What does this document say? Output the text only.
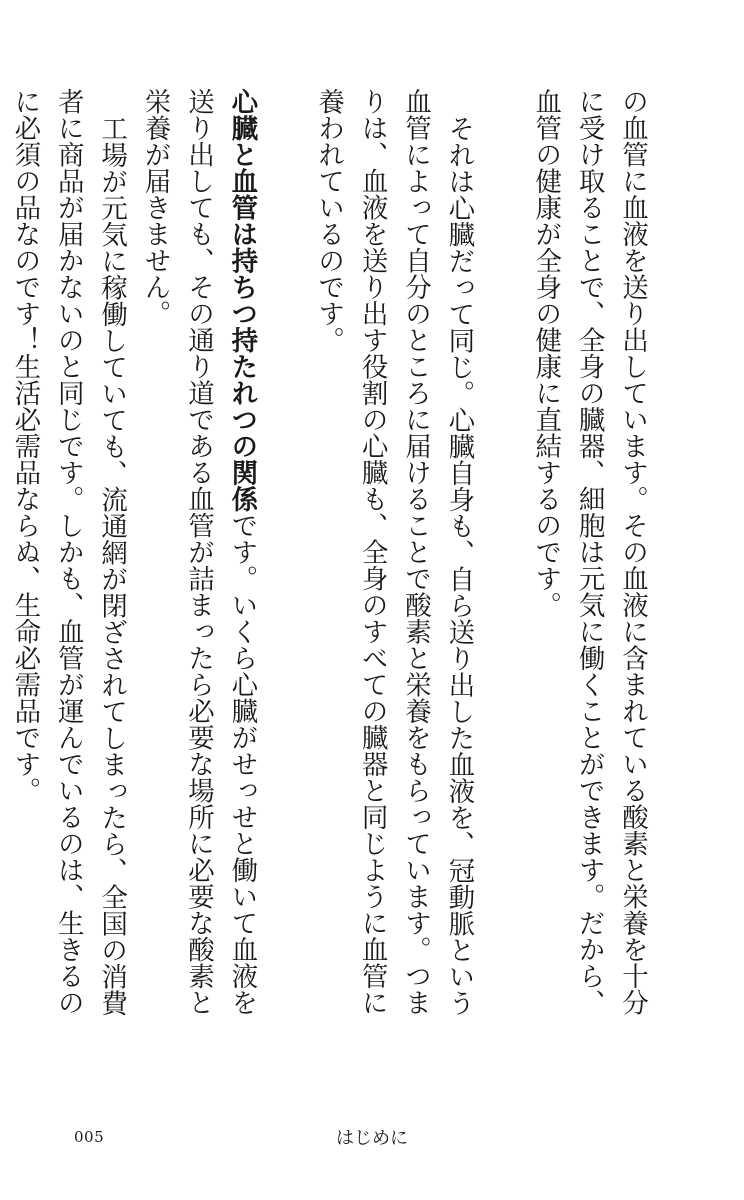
の血管に血液を送り出しています。その血液に含まれている酸素と栄養を十分に受け取ることで、全身の臓器、細胞は元気に働くことができます。だから、血管の健康が全身の健康に直結するのです。

それは心臓だって同じ。心臓自身も、自ら送り出した血液を、冠動脈という血管によって自分のところに届けることで酸素と栄養をもらっています。つまりは、血液を送り出す役割の心臓も、全身のすべての臓器と同じように血管に養われているのです。

心臓と血管は持ちつ持たれつの関係です。いくら心臓がせっせと働いて血液を送り出しても、その通り道である血管が詰まったら必要な場所に必要な酸素と栄養が届きません。

工場が元気に稼働していても、流通網が閉ざされてしまったら、全国の消費者に商品が届かないのと同じです。しかも、血管が運んでいるのは、生きるのに必須の品なのです！生活必需品ならぬ、生命必需品です。

005	はじめに
